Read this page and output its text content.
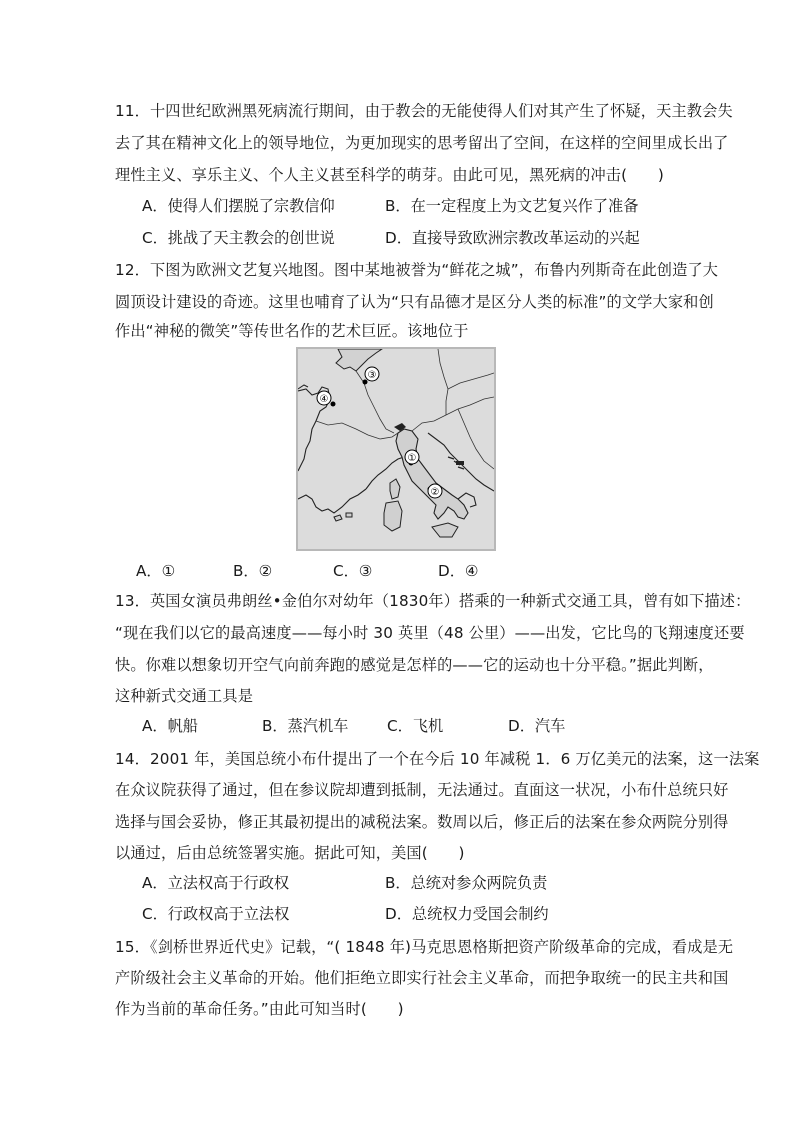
11．十四世纪欧洲黑死病流行期间，由于教会的无能使得人们对其产生了怀疑，天主教会失
去了其在精神文化上的领导地位，为更加现实的思考留出了空间，在这样的空间里成长出了
理性主义、享乐主义、个人主义甚至科学的萌芽。由此可见，黑死病的冲击(　　)
A．使得人们摆脱了宗教信仰	B．在一定程度上为文艺复兴作了准备
C．挑战了天主教会的创世说	D．直接导致欧洲宗教改革运动的兴起
12．下图为欧洲文艺复兴地图。图中某地被誉为“鲜花之城”，布鲁内列斯奇在此创造了大
圆顶设计建设的奇迹。这里也哺育了认为“只有品德才是区分人类的标准”的文学大家和创
作出“神秘的微笑”等传世名作的艺术巨匠。该地位于
①
②
③
④
A．①	B．②	C．③	D．④
13．英国女演员弗朗丝•金伯尔对幼年（1830年）搭乘的一种新式交通工具，曾有如下描述：
“现在我们以它的最高速度——每小时 30 英里（48 公里）——出发，它比鸟的飞翔速度还要
快。你难以想象切开空气向前奔跑的感觉是怎样的——它的运动也十分平稳。”据此判断，
这种新式交通工具是
A．帆船	B．蒸汽机车	C．飞机	D．汽车
14．2001 年，美国总统小布什提出了一个在今后 10 年减税 1．6 万亿美元的法案，这一法案
在众议院获得了通过，但在参议院却遭到抵制，无法通过。直面这一状况，小布什总统只好
选择与国会妥协，修正其最初提出的减税法案。数周以后，修正后的法案在参众两院分别得
以通过，后由总统签署实施。据此可知，美国(　　)
A．立法权高于行政权	B．总统对参众两院负责
C．行政权高于立法权	D．总统权力受国会制约
15．《剑桥世界近代史》记载，“( 1848 年)马克思恩格斯把资产阶级革命的完成，看成是无
产阶级社会主义革命的开始。他们拒绝立即实行社会主义革命，而把争取统一的民主共和国
作为当前的革命任务。”由此可知当时(　　)
